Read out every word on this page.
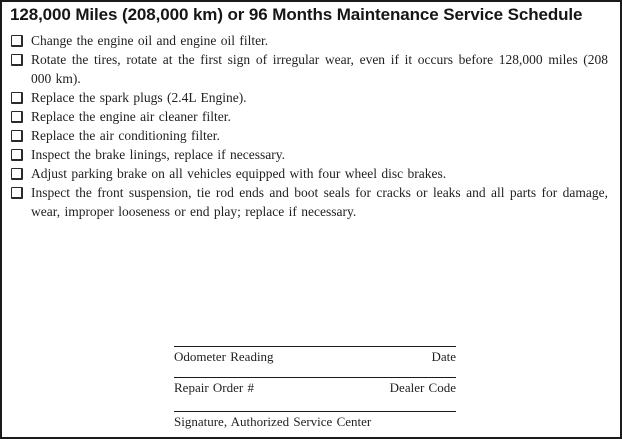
128,000 Miles (208,000 km) or 96 Months Maintenance Service Schedule
Change the engine oil and engine oil filter.
Rotate the tires, rotate at the first sign of irregular wear, even if it occurs before 128,000 miles (208 000 km).
Replace the spark plugs (2.4L Engine).
Replace the engine air cleaner filter.
Replace the air conditioning filter.
Inspect the brake linings, replace if necessary.
Adjust parking brake on all vehicles equipped with four wheel disc brakes.
Inspect the front suspension, tie rod ends and boot seals for cracks or leaks and all parts for damage, wear, improper looseness or end play; replace if necessary.
Odometer Reading	Date
Repair Order #	Dealer Code
Signature, Authorized Service Center
